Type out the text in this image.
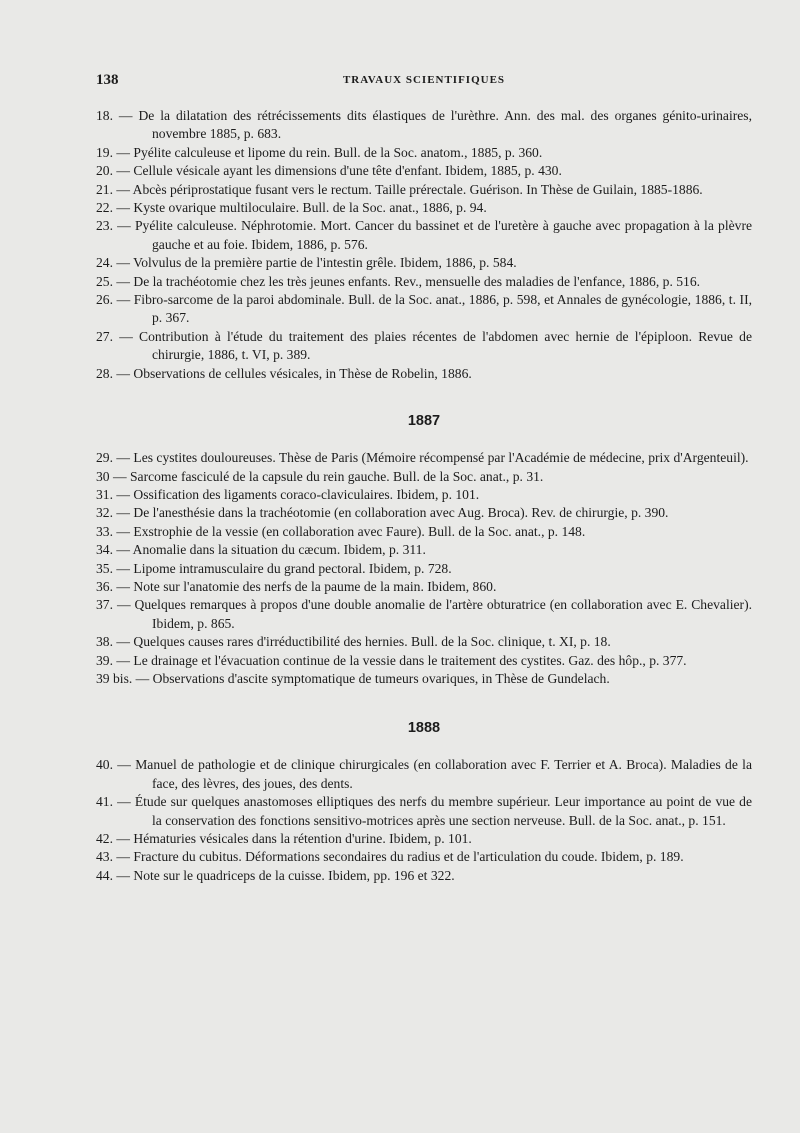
138	TRAVAUX SCIENTIFIQUES
18. — De la dilatation des rétrécissements dits élastiques de l'urèthre. Ann. des mal. des organes génito-urinaires, novembre 1885, p. 683.
19. — Pyélite calculeuse et lipome du rein. Bull. de la Soc. anatom., 1885, p. 360.
20. — Cellule vésicale ayant les dimensions d'une tête d'enfant. Ibidem, 1885, p. 430.
21. — Abcès périprostatique fusant vers le rectum. Taille prérectale. Guérison. In Thèse de Guilain, 1885-1886.
22. — Kyste ovarique multiloculaire. Bull. de la Soc. anat., 1886, p. 94.
23. — Pyélite calculeuse. Néphrotomie. Mort. Cancer du bassinet et de l'uretère à gauche avec propagation à la plèvre gauche et au foie. Ibidem, 1886, p. 576.
24. — Volvulus de la première partie de l'intestin grêle. Ibidem, 1886, p. 584.
25. — De la trachéotomie chez les très jeunes enfants. Rev., mensuelle des maladies de l'enfance, 1886, p. 516.
26. — Fibro-sarcome de la paroi abdominale. Bull. de la Soc. anat., 1886, p. 598, et Annales de gynécologie, 1886, t. II, p. 367.
27. — Contribution à l'étude du traitement des plaies récentes de l'abdomen avec hernie de l'épiploon. Revue de chirurgie, 1886, t. VI, p. 389.
28. — Observations de cellules vésicales, in Thèse de Robelin, 1886.
1887
29. — Les cystites douloureuses. Thèse de Paris (Mémoire récompensé par l'Académie de médecine, prix d'Argenteuil).
30 — Sarcome fasciculé de la capsule du rein gauche. Bull. de la Soc. anat., p. 31.
31. — Ossification des ligaments coraco-claviculaires. Ibidem, p. 101.
32. — De l'anesthésie dans la trachéotomie (en collaboration avec Aug. Broca). Rev. de chirurgie, p. 390.
33. — Exstrophie de la vessie (en collaboration avec Faure). Bull. de la Soc. anat., p. 148.
34. — Anomalie dans la situation du cæcum. Ibidem, p. 311.
35. — Lipome intramusculaire du grand pectoral. Ibidem, p. 728.
36. — Note sur l'anatomie des nerfs de la paume de la main. Ibidem, 860.
37. — Quelques remarques à propos d'une double anomalie de l'artère obturatrice (en collaboration avec E. Chevalier). Ibidem, p. 865.
38. — Quelques causes rares d'irréductibilité des hernies. Bull. de la Soc. clinique, t. XI, p. 18.
39. — Le drainage et l'évacuation continue de la vessie dans le traitement des cystites. Gaz. des hôp., p. 377.
39 bis. — Observations d'ascite symptomatique de tumeurs ovariques, in Thèse de Gundelach.
1888
40. — Manuel de pathologie et de clinique chirurgicales (en collaboration avec F. Terrier et A. Broca). Maladies de la face, des lèvres, des joues, des dents.
41. — Étude sur quelques anastomoses elliptiques des nerfs du membre supérieur. Leur importance au point de vue de la conservation des fonctions sensitivo-motrices après une section nerveuse. Bull. de la Soc. anat., p. 151.
42. — Hématuries vésicales dans la rétention d'urine. Ibidem, p. 101.
43. — Fracture du cubitus. Déformations secondaires du radius et de l'articulation du coude. Ibidem, p. 189.
44. — Note sur le quadriceps de la cuisse. Ibidem, pp. 196 et 322.
